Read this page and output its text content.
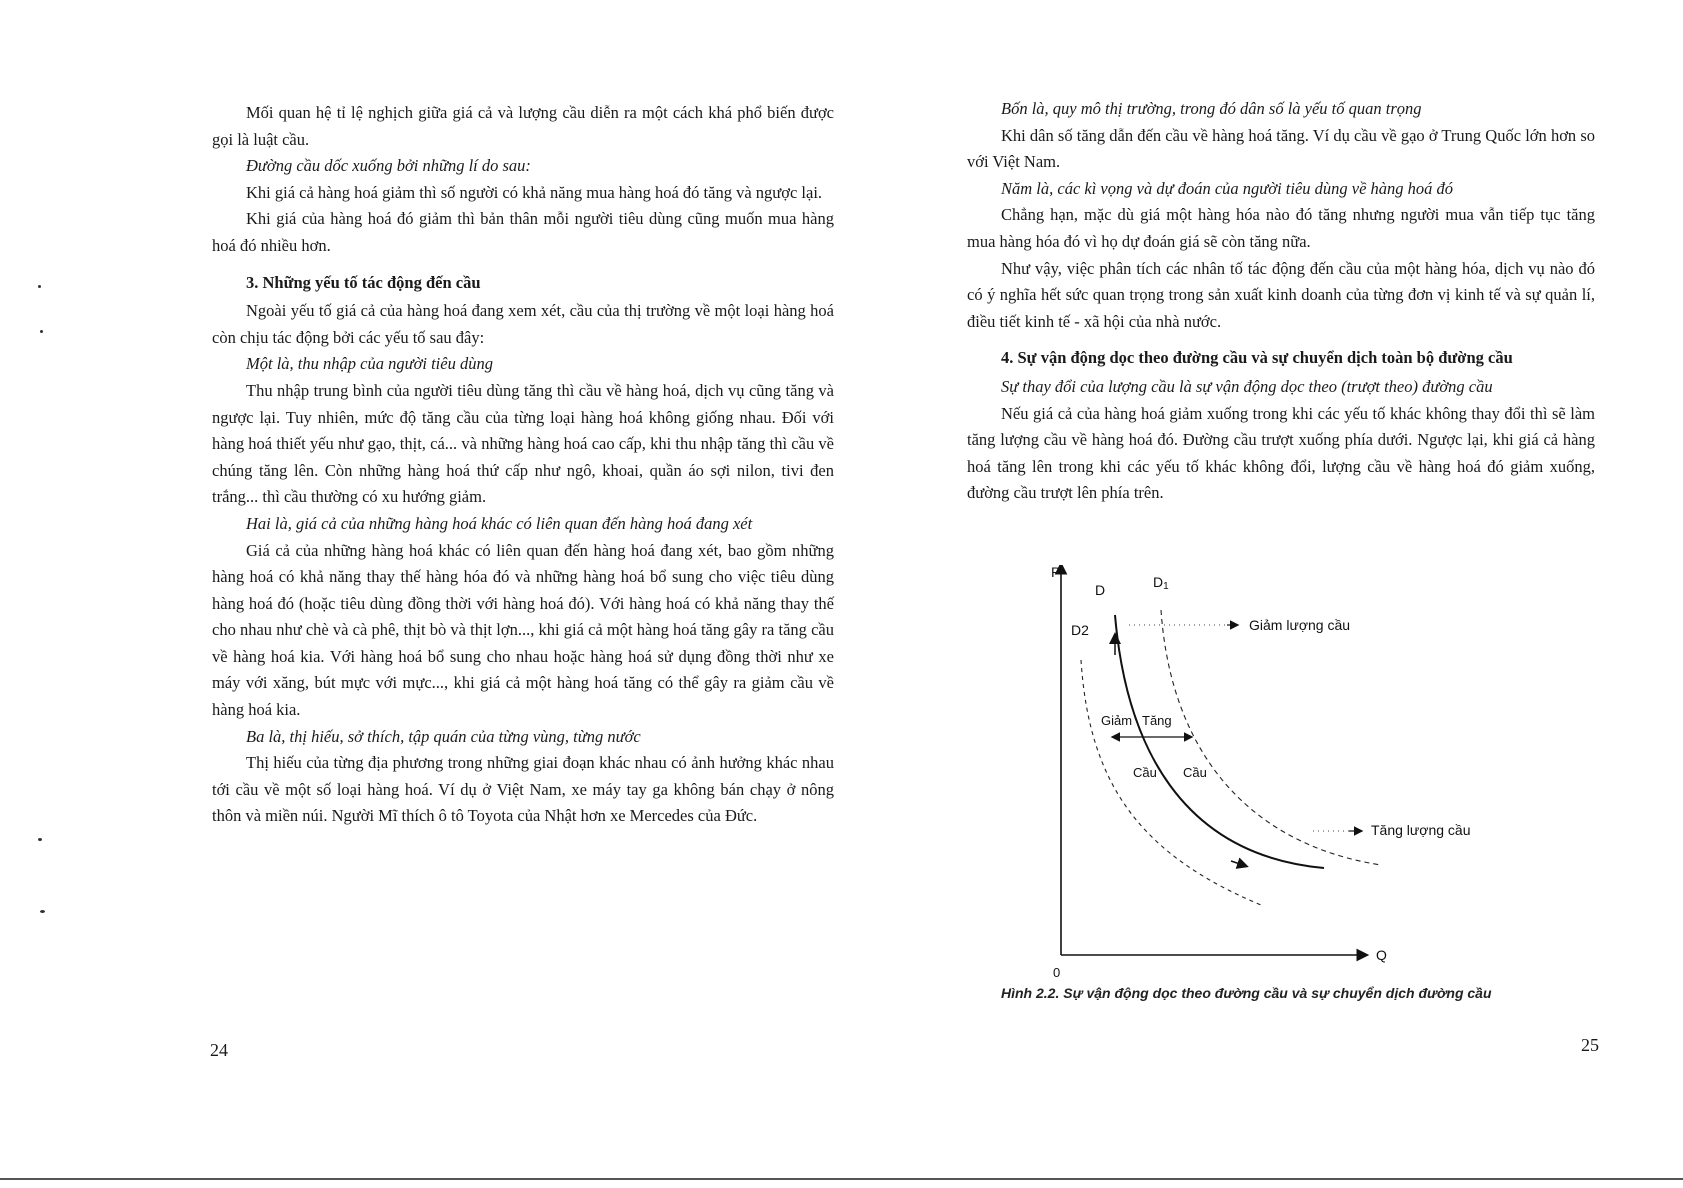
Mối quan hệ tỉ lệ nghịch giữa giá cả và lượng cầu diễn ra một cách khá phổ biến được gọi là luật cầu.

Đường cầu dốc xuống bởi những lí do sau:

Khi giá cả hàng hoá giảm thì số người có khả năng mua hàng hoá đó tăng và ngược lại.

Khi giá của hàng hoá đó giảm thì bản thân mỗi người tiêu dùng cũng muốn mua hàng hoá đó nhiều hơn.

3. Những yếu tố tác động đến cầu

Ngoài yếu tố giá cả của hàng hoá đang xem xét, cầu của thị trường về một loại hàng hoá còn chịu tác động bởi các yếu tố sau đây:

Một là, thu nhập của người tiêu dùng

Thu nhập trung bình của người tiêu dùng tăng thì cầu về hàng hoá, dịch vụ cũng tăng và ngược lại. Tuy nhiên, mức độ tăng cầu của từng loại hàng hoá không giống nhau. Đối với hàng hoá thiết yếu như gạo, thịt, cá... và những hàng hoá cao cấp, khi thu nhập tăng thì cầu về chúng tăng lên. Còn những hàng hoá thứ cấp như ngô, khoai, quần áo sợi nilon, tivi đen trắng... thì cầu thường có xu hướng giảm.

Hai là, giá cả của những hàng hoá khác có liên quan đến hàng hoá đang xét

Giá cả của những hàng hoá khác có liên quan đến hàng hoá đang xét, bao gồm những hàng hoá có khả năng thay thế hàng hóa đó và những hàng hoá bổ sung cho việc tiêu dùng hàng hoá đó (hoặc tiêu dùng đồng thời với hàng hoá đó). Với hàng hoá có khả năng thay thế cho nhau như chè và cà phê, thịt bò và thịt lợn..., khi giá cả một hàng hoá tăng gây ra tăng cầu về hàng hoá kia. Với hàng hoá bổ sung cho nhau hoặc hàng hoá sử dụng đồng thời như xe máy với xăng, bút mực với mực..., khi giá cả một hàng hoá tăng có thể gây ra giảm cầu về hàng hoá kia.

Ba là, thị hiếu, sở thích, tập quán của từng vùng, từng nước

Thị hiếu của từng địa phương trong những giai đoạn khác nhau có ảnh hưởng khác nhau tới cầu về một số loại hàng hoá. Ví dụ ở Việt Nam, xe máy tay ga không bán chạy ở nông thôn và miền núi. Người Mĩ thích ô tô Toyota của Nhật hơn xe Mercedes của Đức.

24

Bốn là, quy mô thị trường, trong đó dân số là yếu tố quan trọng

Khi dân số tăng dẫn đến cầu về hàng hoá tăng. Ví dụ cầu về gạo ở Trung Quốc lớn hơn so với Việt Nam.

Năm là, các kì vọng và dự đoán của người tiêu dùng về hàng hoá đó

Chẳng hạn, mặc dù giá một hàng hóa nào đó tăng nhưng người mua vẫn tiếp tục tăng mua hàng hóa đó vì họ dự đoán giá sẽ còn tăng nữa.

Như vậy, việc phân tích các nhân tố tác động đến cầu của một hàng hóa, dịch vụ nào đó có ý nghĩa hết sức quan trọng trong sản xuất kinh doanh của từng đơn vị kinh tế và sự quản lí, điều tiết kinh tế - xã hội của nhà nước.

4. Sự vận động dọc theo đường cầu và sự chuyển dịch toàn bộ đường cầu

Sự thay đổi của lượng cầu là sự vận động dọc theo (trượt theo) đường cầu

Nếu giá cả của hàng hoá giảm xuống trong khi các yếu tố khác không thay đổi thì sẽ làm tăng lượng cầu về hàng hoá đó. Đường cầu trượt xuống phía dưới. Ngược lại, khi giá cả hàng hoá tăng lên trong khi các yếu tố khác không đổi, lượng cầu về hàng hoá đó giảm xuống, đường cầu trượt lên phía trên.

P
Q
0
D	D1
D2	Giảm lượng cầu
Tăng lượng cầu
Giảm Tăng
Cầu Cầu
Hình 2.2. Sự vận động dọc theo đường cầu và sự chuyển dịch đường cầu
25
